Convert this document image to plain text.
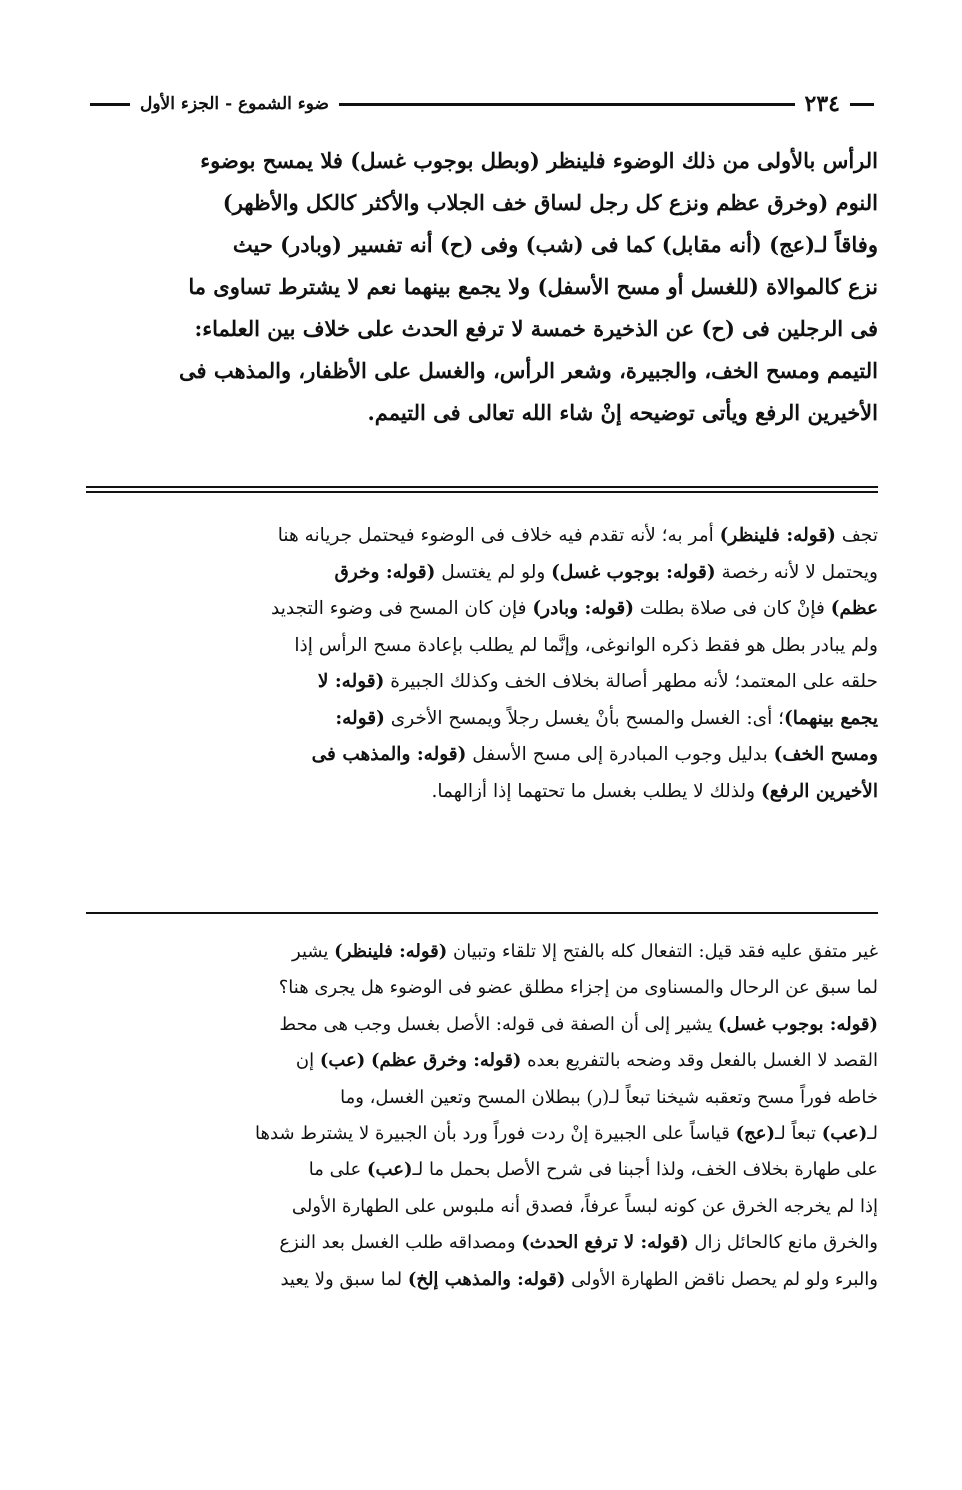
٢٣٤
ضوء الشموع - الجزء الأول
الرأس بالأولى من ذلك الوضوء فلينظر (وبطل بوجوب غسل) فلا يمسح بوضوء
النوم (وخرق عظم ونزع كل رجل لساق خف الجلاب والأكثر كالكل والأظهر)
وفاقاً لـ(عج) (أنه مقابل) كما فى (شب) وفى (ح) أنه تفسير (وبادر) حيث
نزع كالموالاة (للغسل أو مسح الأسفل) ولا يجمع بينهما نعم لا يشترط تساوى ما
فى الرجلين فى (ح) عن الذخيرة خمسة لا ترفع الحدث على خلاف بين العلماء:
التيمم ومسح الخف، والجبيرة، وشعر الرأس، والغسل على الأظفار، والمذهب فى
الأخيرين الرفع ويأتى توضيحه إنْ شاء الله تعالى فى التيمم.
تجف (قوله: فلينظر) أمر به؛ لأنه تقدم فيه خلاف فى الوضوء فيحتمل جريانه هنا
ويحتمل لا لأنه رخصة (قوله: بوجوب غسل) ولو لم يغتسل (قوله: وخرق
عظم) فإنْ كان فى صلاة بطلت (قوله: وبادر) فإن كان المسح فى وضوء التجديد
ولم يبادر بطل هو فقط ذكره الوانوغى، وإنَّما لم يطلب بإعادة مسح الرأس إذا
حلقه على المعتمد؛ لأنه مطهر أصالة بخلاف الخف وكذلك الجبيرة (قوله: لا
يجمع بينهما)؛ أى: الغسل والمسح بأنْ يغسل رجلاً ويمسح الأخرى (قوله:
ومسح الخف) بدليل وجوب المبادرة إلى مسح الأسفل (قوله: والمذهب فى
الأخيرين الرفع) ولذلك لا يطلب بغسل ما تحتهما إذا أزالهما.
غير متفق عليه فقد قيل: التفعال كله بالفتح إلا تلقاء وتبيان (قوله: فلينظر) يشير
لما سبق عن الرحال والمسناوى من إجزاء مطلق عضو فى الوضوء هل يجرى هنا؟
(قوله: بوجوب غسل) يشير إلى أن الصفة فى قوله: الأصل بغسل وجب هى محط
القصد لا الغسل بالفعل وقد وضحه بالتفريع بعده (قوله: وخرق عظم) (عب) إن
خاطه فوراً مسح وتعقبه شيخنا تبعاً لـ(ر) ببطلان المسح وتعين الغسل، وما
لـ(عب) تبعاً لـ(عج) قياساً على الجبيرة إنْ ردت فوراً ورد بأن الجبيرة لا يشترط شدها
على طهارة بخلاف الخف، ولذا أجبنا فى شرح الأصل بحمل ما لـ(عب) على ما
إذا لم يخرجه الخرق عن كونه لبساً عرفاً، فصدق أنه ملبوس على الطهارة الأولى
والخرق مانع كالحائل زال (قوله: لا ترفع الحدث) ومصداقه طلب الغسل بعد النزع
والبرء ولو لم يحصل ناقض الطهارة الأولى (قوله: والمذهب إلخ) لما سبق ولا يعيد
